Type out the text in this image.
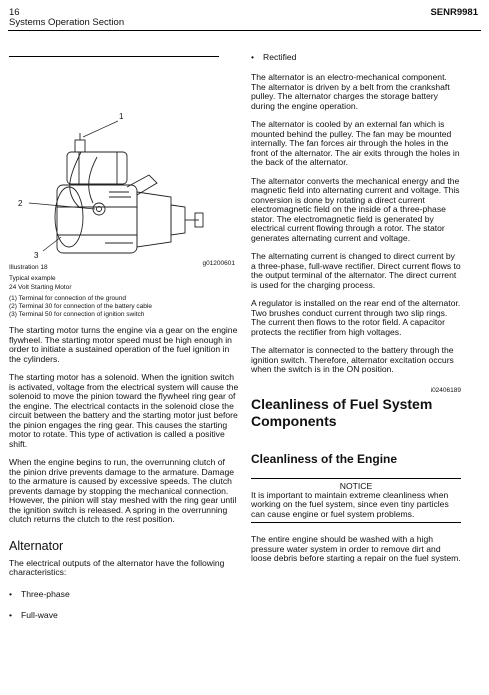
16
Systems Operation Section
SENR9981
1
2
3
Illustration 18
g01200601
Typical example
24 Volt Starting Motor
(1) Terminal for connection of the ground
(2) Terminal 30 for connection of the battery cable
(3) Terminal 50 for connection of ignition switch

The starting motor turns the engine via a gear on the engine flywheel. The starting motor speed must be high enough in order to initiate a sustained operation of the fuel ignition in the cylinders.

The starting motor has a solenoid. When the ignition switch is activated, voltage from the electrical system will cause the solenoid to move the pinion toward the flywheel ring gear of the engine. The electrical contacts in the solenoid close the circuit between the battery and the starting motor just before the pinion engages the ring gear. This causes the starting motor to rotate. This type of activation is called a positive shift.

When the engine begins to run, the overrunning clutch of the pinion drive prevents damage to the armature. Damage to the armature is caused by excessive speeds. The clutch prevents damage by stopping the mechanical connection. However, the pinion will stay meshed with the ring gear until the ignition switch is released. A spring in the overrunning clutch returns the clutch to the rest position.

Alternator

The electrical outputs of the alternator have the following characteristics:

• Three-phase
• Full-wave
• Rectified

The alternator is an electro-mechanical component. The alternator is driven by a belt from the crankshaft pulley. The alternator charges the storage battery during the engine operation.

The alternator is cooled by an external fan which is mounted behind the pulley. The fan may be mounted internally. The fan forces air through the holes in the front of the alternator. The air exits through the holes in the back of the alternator.

The alternator converts the mechanical energy and the magnetic field into alternating current and voltage. This conversion is done by rotating a direct current electromagnetic field on the inside of a three-phase stator. The electromagnetic field is generated by electrical current flowing through a rotor. The stator generates alternating current and voltage.

The alternating current is changed to direct current by a three-phase, full-wave rectifier. Direct current flows to the output terminal of the alternator. The direct current is used for the charging process.

A regulator is installed on the rear end of the alternator. Two brushes conduct current through two slip rings. The current then flows to the rotor field. A capacitor protects the rectifier from high voltages.

The alternator is connected to the battery through the ignition switch. Therefore, alternator excitation occurs when the switch is in the ON position.

i02406189
Cleanliness of Fuel System Components
Cleanliness of the Engine
NOTICE

It is important to maintain extreme cleanliness when working on the fuel system, since even tiny particles can cause engine or fuel system problems.

The entire engine should be washed with a high pressure water system in order to remove dirt and loose debris before starting a repair on the fuel system.
